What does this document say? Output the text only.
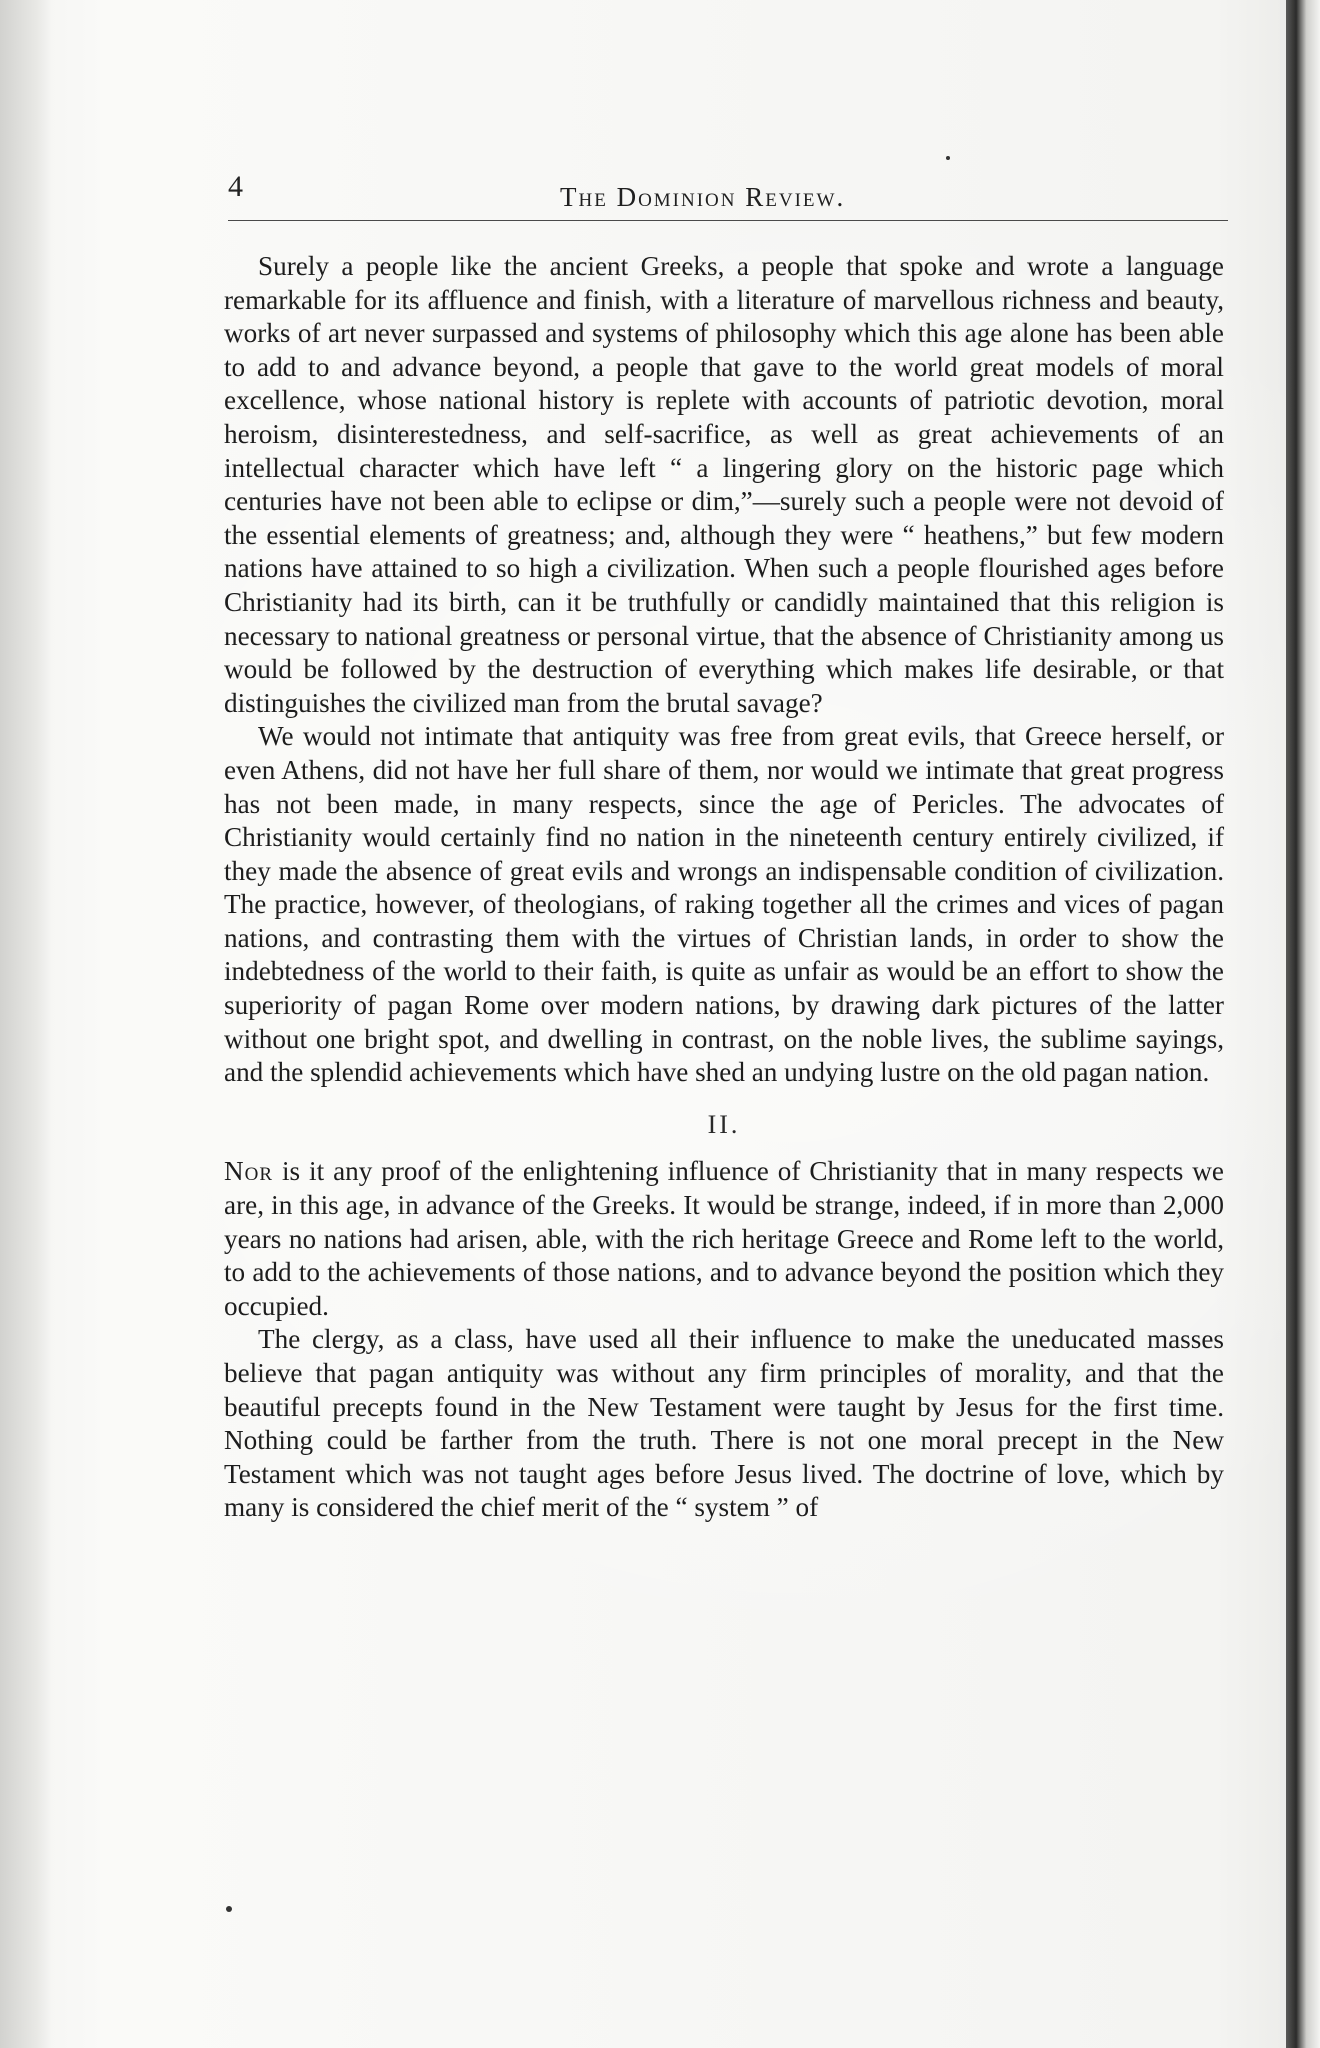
4	The Dominion Review.

Surely a people like the ancient Greeks, a people that spoke and wrote a language remarkable for its affluence and finish, with a literature of marvellous richness and beauty, works of art never surpassed and systems of philosophy which this age alone has been able to add to and advance beyond, a people that gave to the world great models of moral excellence, whose national history is replete with accounts of patriotic devotion, moral heroism, disinterestedness, and self-sacrifice, as well as great achievements of an intellectual character which have left “ a lingering glory on the historic page which centuries have not been able to eclipse or dim,”—surely such a people were not devoid of the essential elements of greatness; and, although they were “ heathens,” but few modern nations have attained to so high a civilization. When such a people flourished ages before Christianity had its birth, can it be truthfully or candidly maintained that this religion is necessary to national greatness or personal virtue, that the absence of Christianity among us would be followed by the destruction of everything which makes life desirable, or that distinguishes the civilized man from the brutal savage?

We would not intimate that antiquity was free from great evils, that Greece herself, or even Athens, did not have her full share of them, nor would we intimate that great progress has not been made, in many respects, since the age of Pericles. The advocates of Christianity would certainly find no nation in the nineteenth century entirely civilized, if they made the absence of great evils and wrongs an indispensable condition of civilization. The practice, however, of theologians, of raking together all the crimes and vices of pagan nations, and contrasting them with the virtues of Christian lands, in order to show the indebtedness of the world to their faith, is quite as unfair as would be an effort to show the superiority of pagan Rome over modern nations, by drawing dark pictures of the latter without one bright spot, and dwelling in contrast, on the noble lives, the sublime sayings, and the splendid achievements which have shed an undying lustre on the old pagan nation.

II.

Nor is it any proof of the enlightening influence of Christianity that in many respects we are, in this age, in advance of the Greeks. It would be strange, indeed, if in more than 2,000 years no nations had arisen, able, with the rich heritage Greece and Rome left to the world, to add to the achievements of those nations, and to advance beyond the position which they occupied.

The clergy, as a class, have used all their influence to make the uneducated masses believe that pagan antiquity was without any firm principles of morality, and that the beautiful precepts found in the New Testament were taught by Jesus for the first time. Nothing could be farther from the truth. There is not one moral precept in the New Testament which was not taught ages before Jesus lived. The doctrine of love, which by many is considered the chief merit of the “ system ” of
